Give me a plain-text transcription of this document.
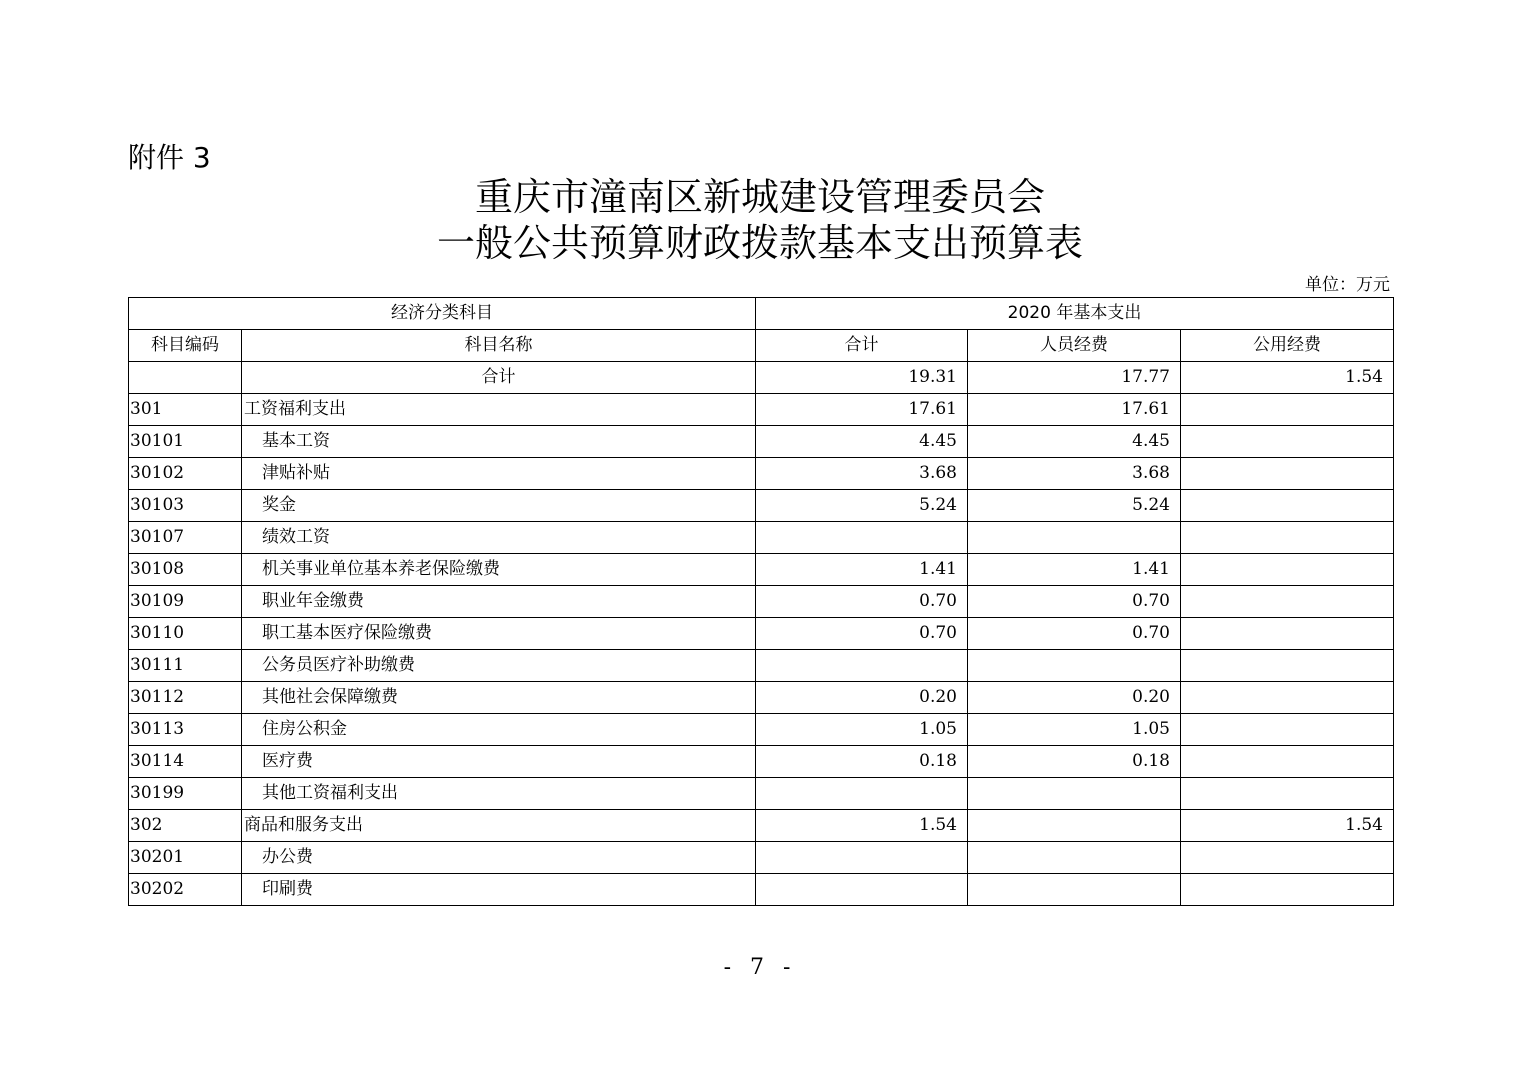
附件 3
重庆市潼南区新城建设管理委员会
一般公共预算财政拨款基本支出预算表
单位：万元
经济分类科目		2020 年基本支出		
科目编码	科目名称	合计	人员经费	公用经费
	合计	19.31	17.77	1.54
301	工资福利支出	17.61	17.61	
30101	基本工资	4.45	4.45	
30102	津贴补贴	3.68	3.68	
30103	奖金	5.24	5.24	
30107	绩效工资			
30108	机关事业单位基本养老保险缴费	1.41	1.41	
30109	职业年金缴费	0.70	0.70	
30110	职工基本医疗保险缴费	0.70	0.70	
30111	公务员医疗补助缴费			
30112	其他社会保障缴费	0.20	0.20	
30113	住房公积金	1.05	1.05	
30114	医疗费	0.18	0.18	
30199	其他工资福利支出			
302	商品和服务支出	1.54		1.54
30201	办公费			
30202	印刷费			
- 7 -
